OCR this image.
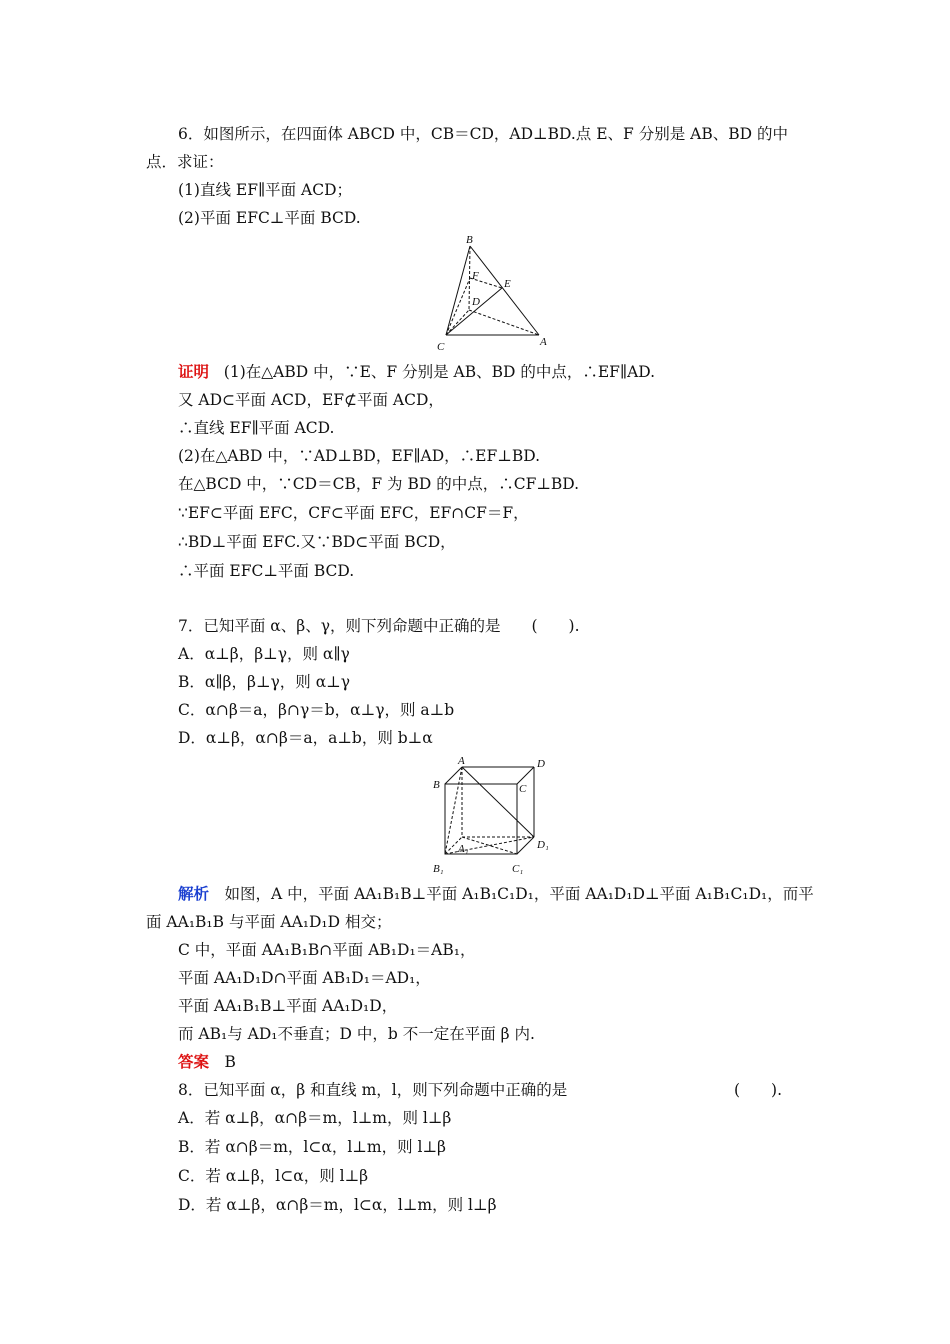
6．如图所示，在四面体 ABCD 中，CB＝CD，AD⊥BD.点 E、F 分别是 AB、BD 的中
点．求证：
(1)直线 EF∥平面 ACD；
(2)平面 EFC⊥平面 BCD.
B
F
E
D
C	A
证明 (1)在△ABD 中，∵E、F 分别是 AB、BD 的中点，∴EF∥AD.
又 AD⊂平面 ACD，EF⊄平面 ACD，
∴直线 EF∥平面 ACD.
(2)在△ABD 中，∵AD⊥BD，EF∥AD，∴EF⊥BD.
在△BCD 中，∵CD＝CB，F 为 BD 的中点，∴CF⊥BD.
∵EF⊂平面 EFC，CF⊂平面 EFC，EF∩CF＝F，
∴BD⊥平面 EFC.又∵BD⊂平面 BCD，
∴平面 EFC⊥平面 BCD.
7．已知平面 α、β、γ，则下列命题中正确的是　　(　　).
A．α⊥β，β⊥γ，则 α∥γ
B．α∥β，β⊥γ，则 α⊥γ
C．α∩β＝a，β∩γ＝b，α⊥γ，则 a⊥b
D．α⊥β，α∩β＝a，a⊥b，则 b⊥α
A	D
B	C
A₁	D₁
B₁	C₁
解析　如图，A 中，平面 AA₁B₁B⊥平面 A₁B₁C₁D₁，平面 AA₁D₁D⊥平面 A₁B₁C₁D₁，而平
面 AA₁B₁B 与平面 AA₁D₁D 相交；
C 中，平面 AA₁B₁B∩平面 AB₁D₁＝AB₁，
平面 AA₁D₁D∩平面 AB₁D₁＝AD₁，
平面 AA₁B₁B⊥平面 AA₁D₁D，
而 AB₁与 AD₁不垂直；D 中，b 不一定在平面 β 内.
答案　B
8．已知平面 α，β 和直线 m，l，则下列命题中正确的是	(　　).
A．若 α⊥β，α∩β＝m，l⊥m，则 l⊥β
B．若 α∩β＝m，l⊂α，l⊥m，则 l⊥β
C．若 α⊥β，l⊂α，则 l⊥β
D．若 α⊥β，α∩β＝m，l⊂α，l⊥m，则 l⊥β
